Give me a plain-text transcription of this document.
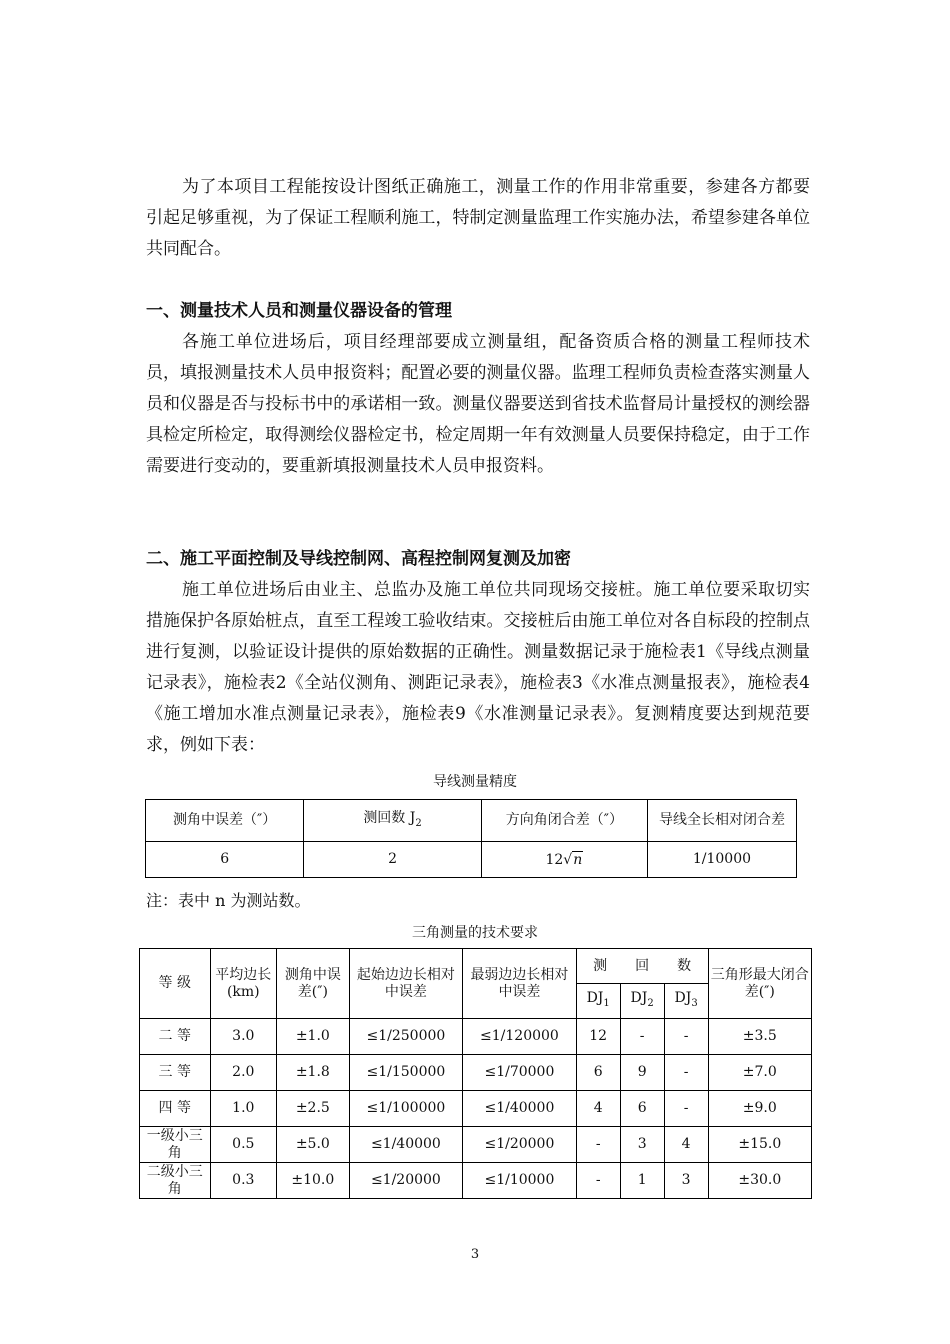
为了本项目工程能按设计图纸正确施工，测量工作的作用非常重要，参建各方都要引起足够重视，为了保证工程顺利施工，特制定测量监理工作实施办法，希望参建各单位共同配合。

一、测量技术人员和测量仪器设备的管理

各施工单位进场后，项目经理部要成立测量组，配备资质合格的测量工程师技术员，填报测量技术人员申报资料；配置必要的测量仪器。监理工程师负责检查落实测量人员和仪器是否与投标书中的承诺相一致。测量仪器要送到省技术监督局计量授权的测绘器具检定所检定，取得测绘仪器检定书，检定周期一年有效测量人员要保持稳定，由于工作需要进行变动的，要重新填报测量技术人员申报资料。

二、施工平面控制及导线控制网、高程控制网复测及加密

施工单位进场后由业主、总监办及施工单位共同现场交接桩。施工单位要采取切实措施保护各原始桩点，直至工程竣工验收结束。交接桩后由施工单位对各自标段的控制点进行复测，以验证设计提供的原始数据的正确性。测量数据记录于施检表1《导线点测量记录表》，施检表2《全站仪测角、测距记录表》，施检表3《水准点测量报表》，施检表4《施工增加水准点测量记录表》，施检表9《水准测量记录表》。复测精度要达到规范要求，例如下表：

导线测量精度
测角中误差（″）	测回数 $J_2$	方向角闭合差（″）	导线全长相对闭合差
6	2	12√n	1/10000
注：表中 n 为测站数。
三角测量的技术要求
等 级	平均边长(km)	测角中误 差(″)	起始边边长相对中误差	最弱边边长相对中误差	测　　回　　数			三角形最大闭合差(″)
					$DJ_1$	$DJ_2$	$DJ_3$
二 等	3.0	±1.0	≤1/250000	≤1/120000	12	-	-	±3.5
三 等	2.0	±1.8	≤1/150000	≤1/70000	6	9	-	±7.0
四 等	1.0	±2.5	≤1/100000	≤1/40000	4	6	-	±9.0
一级小三角	0.5	±5.0	≤1/40000	≤1/20000	-	3	4	±15.0
二级小三角	0.3	±10.0	≤1/20000	≤1/10000	-	1	3	±30.0
3
